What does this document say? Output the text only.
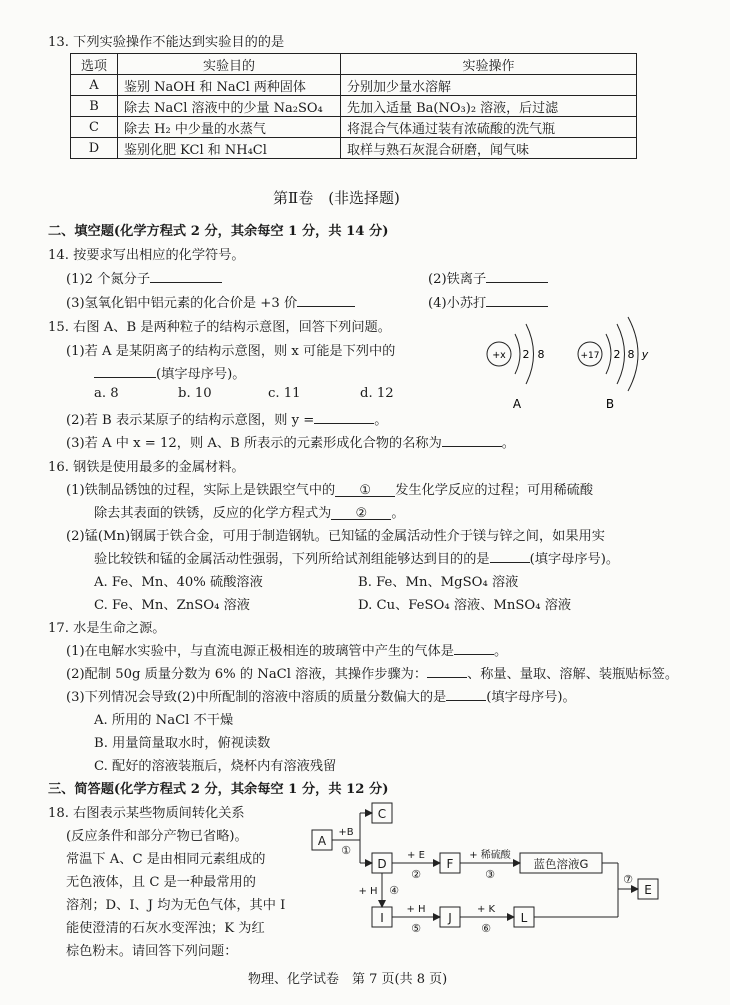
13. 下列实验操作不能达到实验目的的是
选项	实验目的	实验操作
A	鉴别 NaOH 和 NaCl 两种固体	分别加少量水溶解
B	除去 NaCl 溶液中的少量 Na₂SO₄	先加入适量 Ba(NO₃)₂ 溶液，后过滤
C	除去 H₂ 中少量的水蒸气	将混合气体通过装有浓硫酸的洗气瓶
D	鉴别化肥 KCl 和 NH₄Cl	取样与熟石灰混合研磨，闻气味
第Ⅱ卷　(非选择题)
二、填空题(化学方程式 2 分，其余每空 1 分，共 14 分)
14. 按要求写出相应的化学符号。
(1)2 个氮分子	(2)铁离子
(3)氢氧化铝中铝元素的化合价是 +3 价	(4)小苏打
15. 右图 A、B 是两种粒子的结构示意图，回答下列问题。
(1)若 A 是某阴离子的结构示意图，则 x 可能是下列中的
(填字母序号)。
a. 8	b. 10	c. 11	d. 12
(2)若 B 表示某原子的结构示意图，则 y =	。
(3)若 A 中 x = 12，则 A、B 所表示的元素形成化合物的名称为	。
+x 2 8
A
+17 2 8 y
B
16. 钢铁是使用最多的金属材料。
(1)铁制品锈蚀的过程，实际上是铁跟空气中的 ① 发生化学反应的过程；可用稀硫酸
除去其表面的铁锈，反应的化学方程式为 ② 。
(2)锰(Mn)钢属于铁合金，可用于制造钢轨。已知锰的金属活动性介于镁与锌之间，如果用实
验比较铁和锰的金属活动性强弱，下列所给试剂组能够达到目的的是	(填字母序号)。
A. Fe、Mn、40% 硫酸溶液	B. Fe、Mn、MgSO₄ 溶液
C. Fe、Mn、ZnSO₄ 溶液	D. Cu、FeSO₄ 溶液、MnSO₄ 溶液
17. 水是生命之源。
(1)在电解水实验中，与直流电源正极相连的玻璃管中产生的气体是	。
(2)配制 50g 质量分数为 6% 的 NaCl 溶液，其操作步骤为：	、称量、量取、溶解、装瓶贴标签。
(3)下列情况会导致(2)中所配制的溶液中溶质的质量分数偏大的是	(填字母序号)。
A. 所用的 NaCl 不干燥
B. 用量筒量取水时，俯视读数
C. 配好的溶液装瓶后，烧杯内有溶液残留
三、简答题(化学方程式 2 分，其余每空 1 分，共 12 分)
18. 右图表示某些物质间转化关系
(反应条件和部分产物已省略)。
常温下 A、C 是由相同元素组成的
无色液体，且 C 是一种最常用的
溶剂；D、I、J 均为无色气体，其中 I
能使澄清的石灰水变浑浊；K 为红
棕色粉末。请回答下列问题：
A
C
D	F	蓝色溶液G
E
I	J	L
+B
①	+ E
②
+ 稀硫酸
③
+ H ④
+ H
⑤
+ K
⑥
⑦
物理、化学试卷　第 7 页(共 8 页)
